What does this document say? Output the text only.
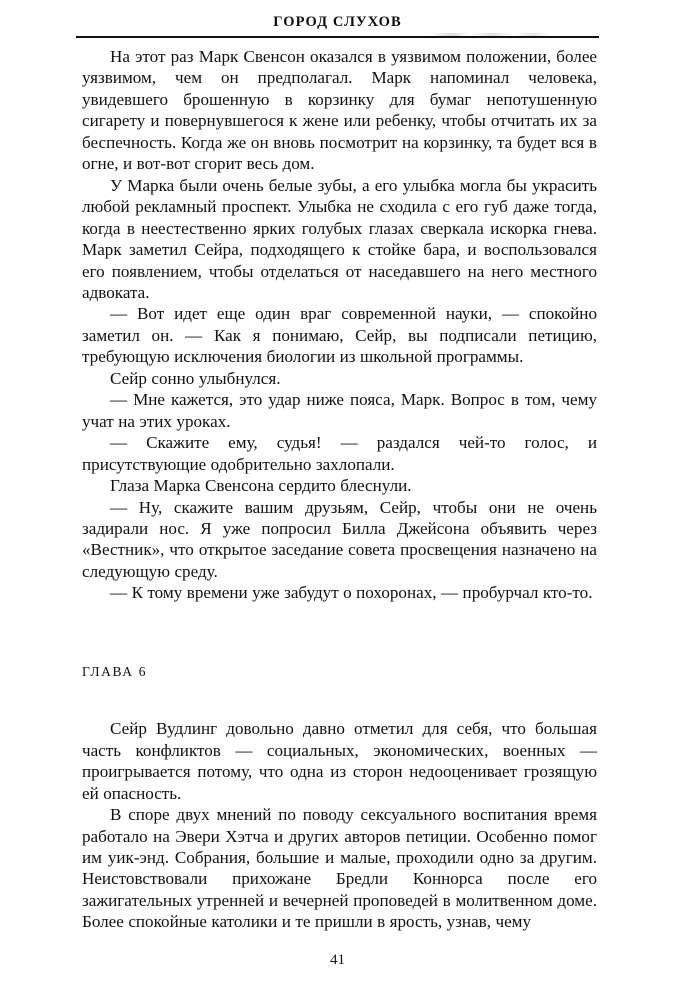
ГОРОД СЛУХОВ

На этот раз Марк Свенсон оказался в уязвимом положении, более уязвимом, чем он предполагал. Марк напоминал человека, увидевшего брошенную в корзинку для бумаг непотушенную сигарету и повернувшегося к жене или ребенку, чтобы отчитать их за беспечность. Когда же он вновь посмотрит на корзинку, та будет вся в огне, и вот-вот сгорит весь дом.

У Марка были очень белые зубы, а его улыбка могла бы украсить любой рекламный проспект. Улыбка не сходила с его губ даже тогда, когда в неестественно ярких голубых глазах сверкала искорка гнева. Марк заметил Сейра, подходящего к стойке бара, и воспользовался его появлением, чтобы отделаться от наседавшего на него местного адвоката.

— Вот идет еще один враг современной науки, — спокойно заметил он. — Как я понимаю, Сейр, вы подписали петицию, требующую исключения биологии из школьной программы.

Сейр сонно улыбнулся.

— Мне кажется, это удар ниже пояса, Марк. Вопрос в том, чему учат на этих уроках.

— Скажите ему, судья! — раздался чей-то голос, и присутствующие одобрительно захлопали.

Глаза Марка Свенсона сердито блеснули.

— Ну, скажите вашим друзьям, Сейр, чтобы они не очень задирали нос. Я уже попросил Билла Джейсона объявить через «Вестник», что открытое заседание совета просвещения назначено на следующую среду.

— К тому времени уже забудут о похоронах, — пробурчал кто-то.

ГЛАВА 6

Сейр Вудлинг довольно давно отметил для себя, что большая часть конфликтов — социальных, экономических, военных — проигрывается потому, что одна из сторон недооценивает грозящую ей опасность.

В споре двух мнений по поводу сексуального воспитания время работало на Эвери Хэтча и других авторов петиции. Особенно помог им уик-энд. Собрания, большие и малые, проходили одно за другим. Неистовствовали прихожане Бредли Коннорса после его зажигательных утренней и вечерней проповедей в молитвенном доме. Более спокойные католики и те пришли в ярость, узнав, чему

41
